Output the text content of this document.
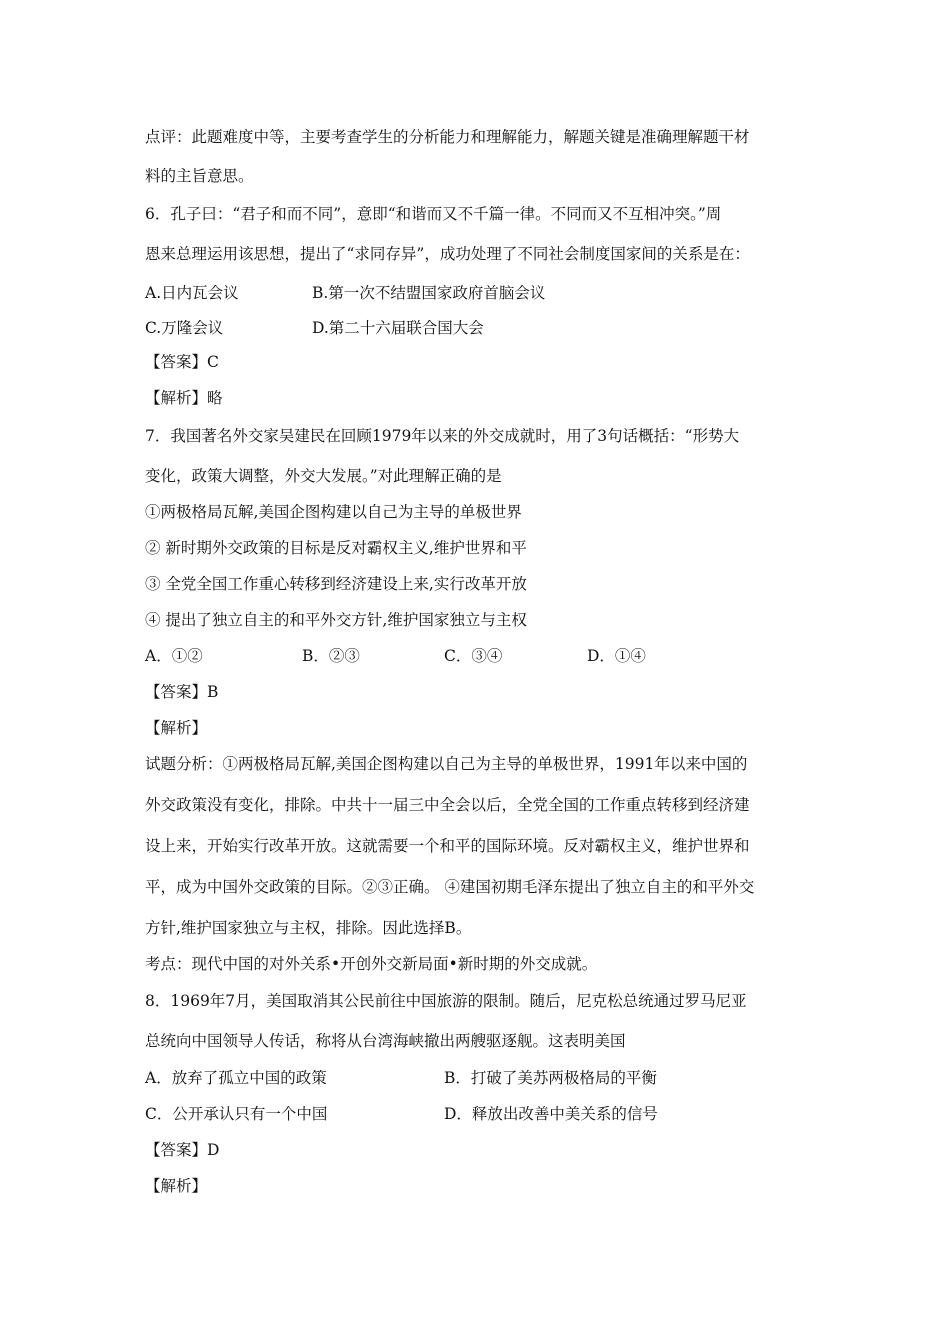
点评：此题难度中等，主要考查学生的分析能力和理解能力，解题关键是准确理解题干材
料的主旨意思。
6．孔子曰：“君子和而不同”，意即“和谐而又不千篇一律。不同而又不互相冲突。”周
恩来总理运用该思想，提出了“求同存异”，成功处理了不同社会制度国家间的关系是在：
A.日内瓦会议	B.第一次不结盟国家政府首脑会议
C.万隆会议	D.第二十六届联合国大会
【答案】C
【解析】略
7．我国著名外交家吴建民在回顾1979年以来的外交成就时，用了3句话概括：“形势大
变化，政策大调整，外交大发展。”对此理解正确的是
①两极格局瓦解,美国企图构建以自己为主导的单极世界
② 新时期外交政策的目标是反对霸权主义,维护世界和平
③ 全党全国工作重心转移到经济建设上来,实行改革开放
④ 提出了独立自主的和平外交方针,维护国家独立与主权
A．①②	B．②③	C．③④	D．①④
【答案】B
【解析】
试题分析：①两极格局瓦解,美国企图构建以自己为主导的单极世界，1991年以来中国的
外交政策没有变化，排除。中共十一届三中全会以后，全党全国的工作重点转移到经济建
设上来，开始实行改革开放。这就需要一个和平的国际环境。反对霸权主义，维护世界和
平，成为中国外交政策的目际。②③正确。 ④建国初期毛泽东提出了独立自主的和平外交
方针,维护国家独立与主权，排除。因此选择B。
考点：现代中国的对外关系•开创外交新局面•新时期的外交成就。
8．1969年7月，美国取消其公民前往中国旅游的限制。随后，尼克松总统通过罗马尼亚
总统向中国领导人传话，称将从台湾海峡撤出两艘驱逐舰。这表明美国
A．放弃了孤立中国的政策	B．打破了美苏两极格局的平衡
C．公开承认只有一个中国	D．释放出改善中美关系的信号
【答案】D
【解析】
